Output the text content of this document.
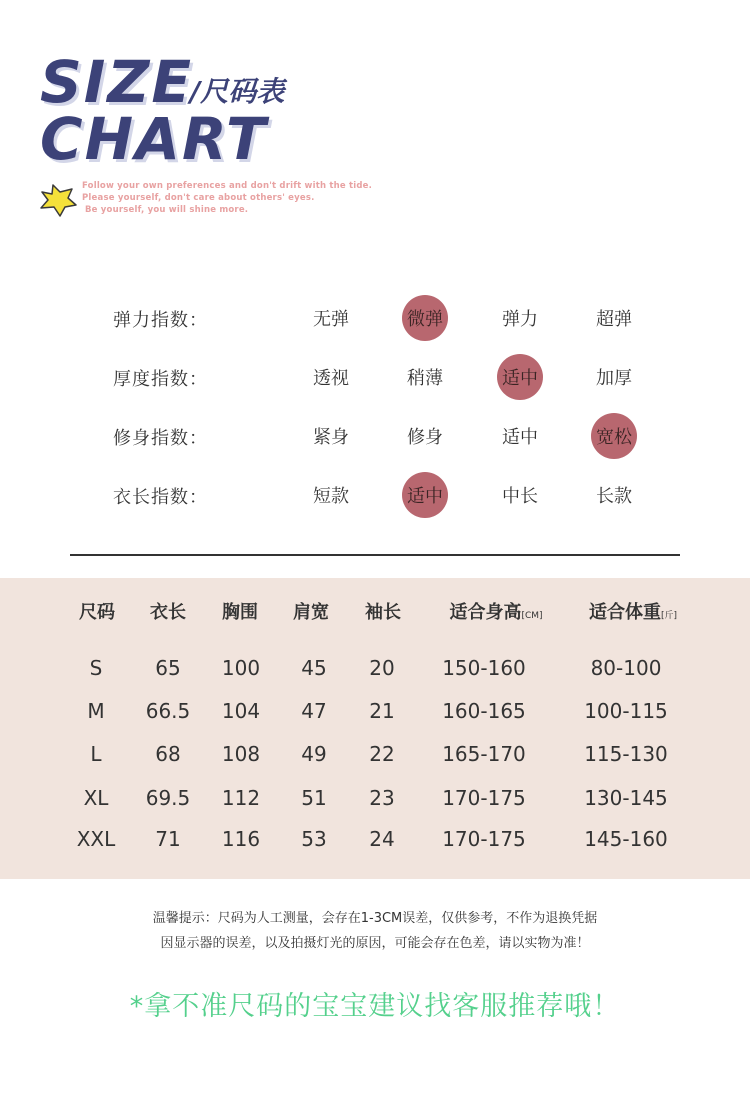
SIZE
CHART
/尺码表
Follow your own preferences and don't drift with the tide.
Please yourself, don't care about others' eyes.
Be yourself, you will shine more.
弹力指数：	无弹	微弹	弹力	超弹
厚度指数：	透视	稍薄	适中	加厚
修身指数：	紧身	修身	适中	宽松
衣长指数：	短款	适中	中长	长款
尺码 衣长 胸围 肩宽 袖长	适合身高[CM]	适合体重[斤]
S	65 100 45 20 150-160	80-100
M 66.5 104 47 21 160-165	100-115
L	68 108 49 22 165-170	115-130
XL 69.5 112 51 23 170-175	130-145
XXL 71 116 53 24 170-175	145-160
温馨提示：尺码为人工测量，会存在1-3CM误差，仅供参考，不作为退换凭据
因显示器的误差，以及拍摄灯光的原因，可能会存在色差，请以实物为准！
*拿不准尺码的宝宝建议找客服推荐哦！
